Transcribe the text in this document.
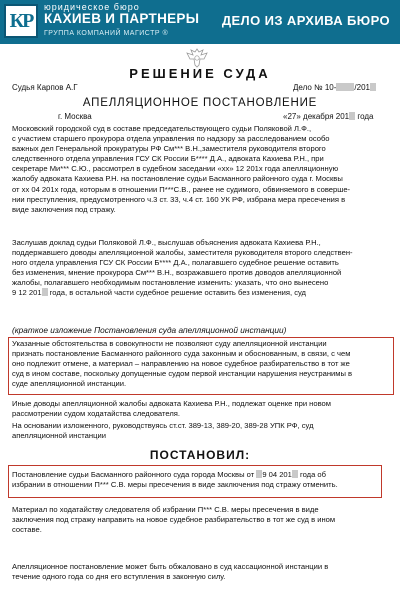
КР
юридическое бюро
КАХИЕВ И ПАРТНЕРЫ
ГРУППА КОМПАНИЙ МАГИСТР ®
ДЕЛО ИЗ АРХИВА БЮРО
РЕШЕНИЕ СУДА
Судья Карпов А.Г	Дело № 10- /201
АПЕЛЛЯЦИОННОЕ ПОСТАНОВЛЕНИЕ
г. Москва	«27» декабря 201 года
Московский городской суд в составе председательствующего судьи Поляковой Л.Ф.,
с участием старшего прокурора отдела управления по надзору за расследованием особо
важных дел Генеральной прокуратуры РФ См*** В.Н.,заместителя руководителя второго
следственного отдела управления ГСУ СК России Б**** Д.А., адвоката Кахиева Р.Н., при
секретаре Ми*** С.Ю., рассмотрел в судебном заседании «хх» 12 201х года апелляционную
жалобу адвоката Кахиева Р.Н. на постановление судьи Басманного районного суда г. Москвы
от хх 04 201х года, которым в отношении П***С.В., ранее не судимого, обвиняемого в соверше-
нии преступления, предусмотренного ч.3 ст. 33, ч.4 ст. 160 УК РФ, избрана мера пресечения в
виде заключения под стражу.
Заслушав доклад судьи Поляковой Л.Ф., выслушав объяснения адвоката Кахиева Р.Н.,
поддержавшего доводы апелляционной жалобы, заместителя руководителя второго следствен-
ного отдела управления ГСУ СК России Б**** Д.А., полагавшего судебное решение оставить
без изменения, мнение прокурора См*** В.Н., возражавшего против доводов апелляционной
жалобы, полагавшего необходимым постановление изменить: указать, что оно вынесено
9 12 201 года, в остальной части судебное решение оставить без изменения, суд
(краткое изложение Постановления суда апелляционной инстанции)
Указанные обстоятельства в совокупности не позволяют суду апелляционной инстанции
признать постановление Басманного районного суда законным и обоснованным, в связи, с чем
оно подлежит отмене, а материал – направлению на новое судебное разбирательство в тот же
суд в ином составе, поскольку допущенные судом первой инстанции нарушения неустранимы в
суде апелляционной инстанции.
Иные доводы апелляционной жалобы адвоката Кахиева Р.Н., подлежат оценке при новом
рассмотрении судом ходатайства следователя.
На основании изложенного, руководствуясь ст.ст. 389-13, 389-20, 389-28 УПК РФ, суд
апелляционной инстанции
ПОСТАНОВИЛ:
Постановление судьи Басманного районного суда города Москвы от 9 04 201 года об
избрании в отношении П*** С.В. меры пресечения в виде заключения под стражу отменить.
Материал по ходатайству следователя об избрании П*** С.В. меры пресечения в виде
заключения под стражу направить на новое судебное разбирательство в тот же суд в ином
составе.
Апелляционное постановление может быть обжаловано в суд кассационной инстанции в
течение одного года со дня его вступления в законную силу.
